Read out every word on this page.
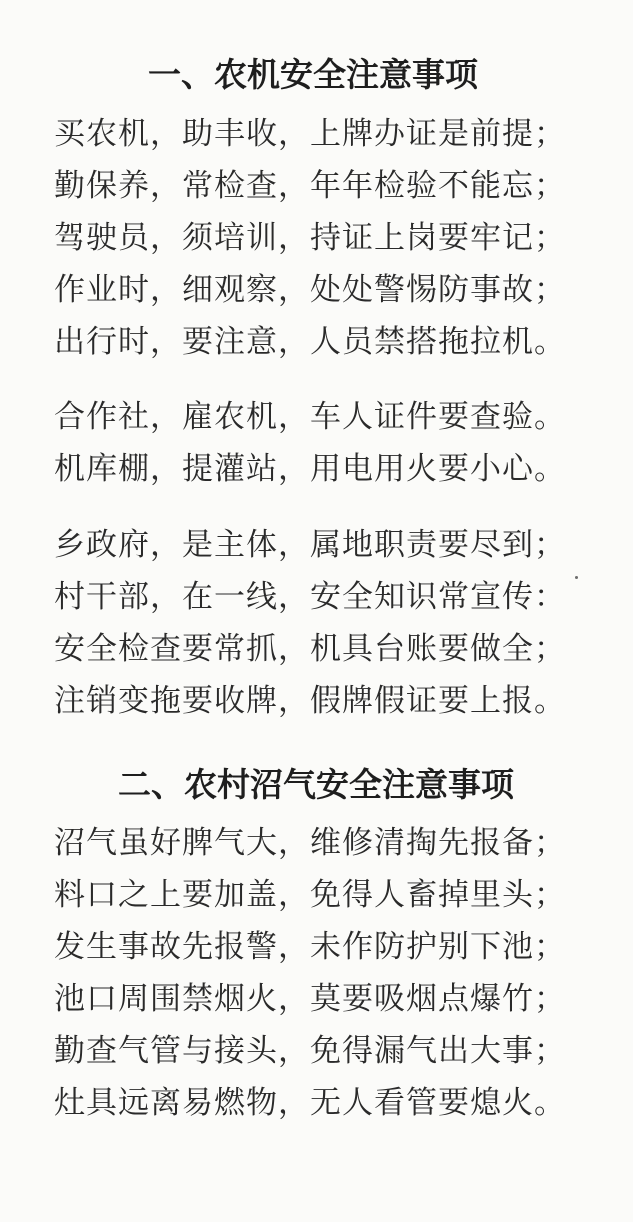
一、农机安全注意事项
买农机，助丰收，上牌办证是前提；
勤保养，常检查，年年检验不能忘；
驾驶员，须培训，持证上岗要牢记；
作业时，细观察，处处警惕防事故；
出行时，要注意，人员禁搭拖拉机。
合作社，雇农机，车人证件要查验。
机库棚，提灌站，用电用火要小心。
乡政府，是主体，属地职责要尽到；
村干部，在一线，安全知识常宣传：
安全检查要常抓，机具台账要做全；
注销变拖要收牌，假牌假证要上报。
二、农村沼气安全注意事项
沼气虽好脾气大，维修清掏先报备；
料口之上要加盖，免得人畜掉里头；
发生事故先报警，未作防护别下池；
池口周围禁烟火，莫要吸烟点爆竹；
勤查气管与接头，免得漏气出大事；
灶具远离易燃物，无人看管要熄火。
